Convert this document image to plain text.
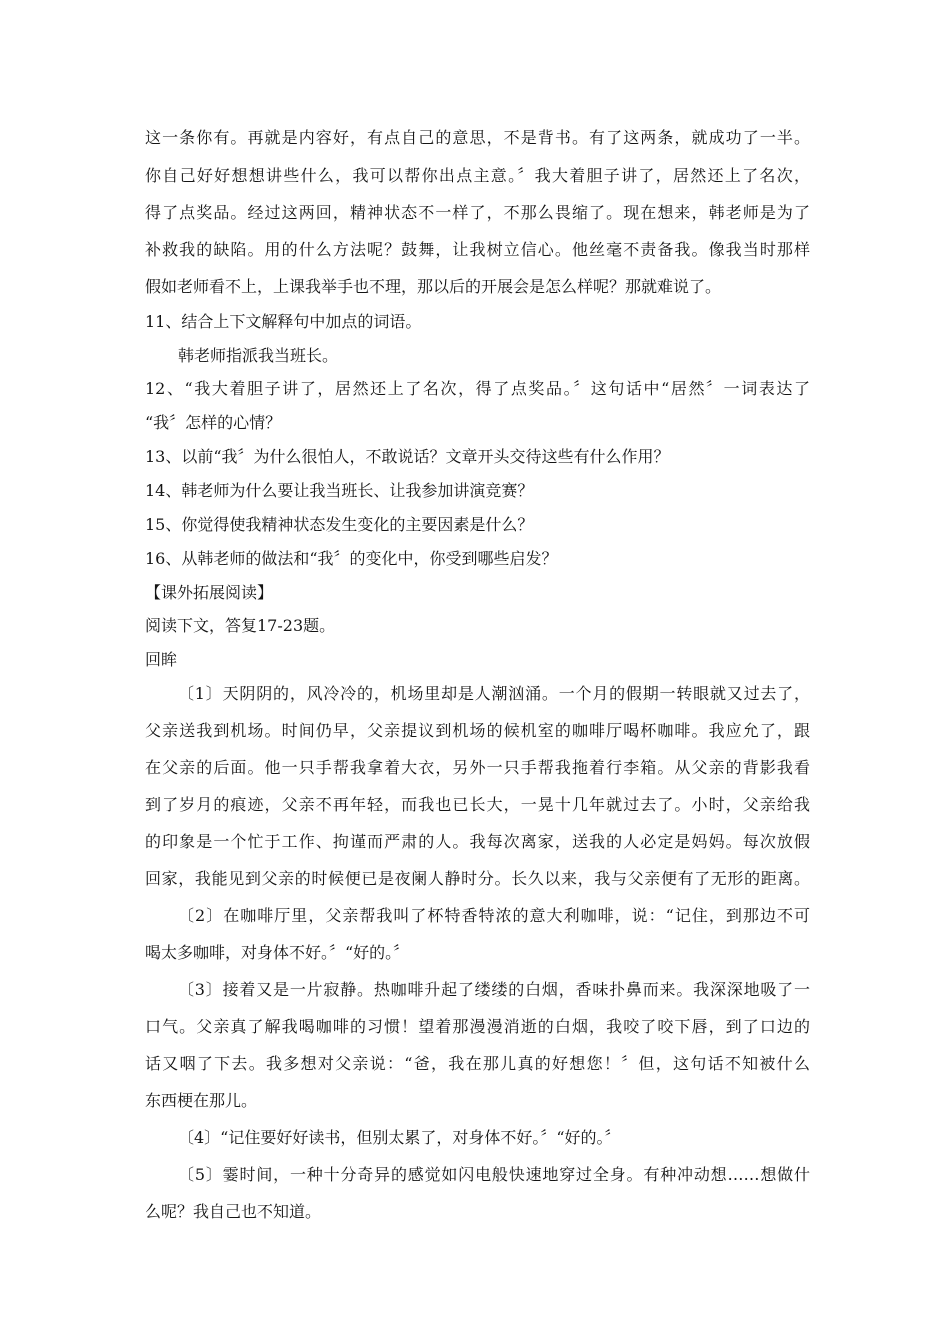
这一条你有。再就是内容好，有点自己的意思，不是背书。有了这两条，就成功了一半。
你自己好好想想讲些什么，我可以帮你出点主意。〞我大着胆子讲了，居然还上了名次，
得了点奖品。经过这两回，精神状态不一样了，不那么畏缩了。现在想来，韩老师是为了
补救我的缺陷。用的什么方法呢？鼓舞，让我树立信心。他丝毫不责备我。像我当时那样
假如老师看不上，上课我举手也不理，那以后的开展会是怎么样呢？那就难说了。
11、结合上下文解释句中加点的词语。
韩老师指派我当班长。
12、“我大着胆子讲了，居然还上了名次，得了点奖品。〞这句话中“居然〞一词表达了
“我〞怎样的心情？
13、以前“我〞为什么很怕人，不敢说话？文章开头交待这些有什么作用？
14、韩老师为什么要让我当班长、让我参加讲演竞赛？
15、你觉得使我精神状态发生变化的主要因素是什么？
16、从韩老师的做法和“我〞的变化中，你受到哪些启发？
【课外拓展阅读】
阅读下文，答复17-23题。
回眸
〔1〕天阴阴的，风冷冷的，机场里却是人潮汹涌。一个月的假期一转眼就又过去了，
父亲送我到机场。时间仍早，父亲提议到机场的候机室的咖啡厅喝杯咖啡。我应允了，跟
在父亲的后面。他一只手帮我拿着大衣，另外一只手帮我拖着行李箱。从父亲的背影我看
到了岁月的痕迹，父亲不再年轻，而我也已长大，一晃十几年就过去了。小时，父亲给我
的印象是一个忙于工作、拘谨而严肃的人。我每次离家，送我的人必定是妈妈。每次放假
回家，我能见到父亲的时候便已是夜阑人静时分。长久以来，我与父亲便有了无形的距离。
〔2〕在咖啡厅里，父亲帮我叫了杯特香特浓的意大利咖啡，说：“记住，到那边不可
喝太多咖啡，对身体不好。〞“好的。〞
〔3〕接着又是一片寂静。热咖啡升起了缕缕的白烟，香味扑鼻而来。我深深地吸了一
口气。父亲真了解我喝咖啡的习惯！望着那漫漫消逝的白烟，我咬了咬下唇，到了口边的
话又咽了下去。我多想对父亲说：“爸，我在那儿真的好想您！〞但，这句话不知被什么
东西梗在那儿。
〔4〕“记住要好好读书，但别太累了，对身体不好。〞“好的。〞
〔5〕霎时间，一种十分奇异的感觉如闪电般快速地穿过全身。有种冲动想……想做什
么呢？我自己也不知道。
